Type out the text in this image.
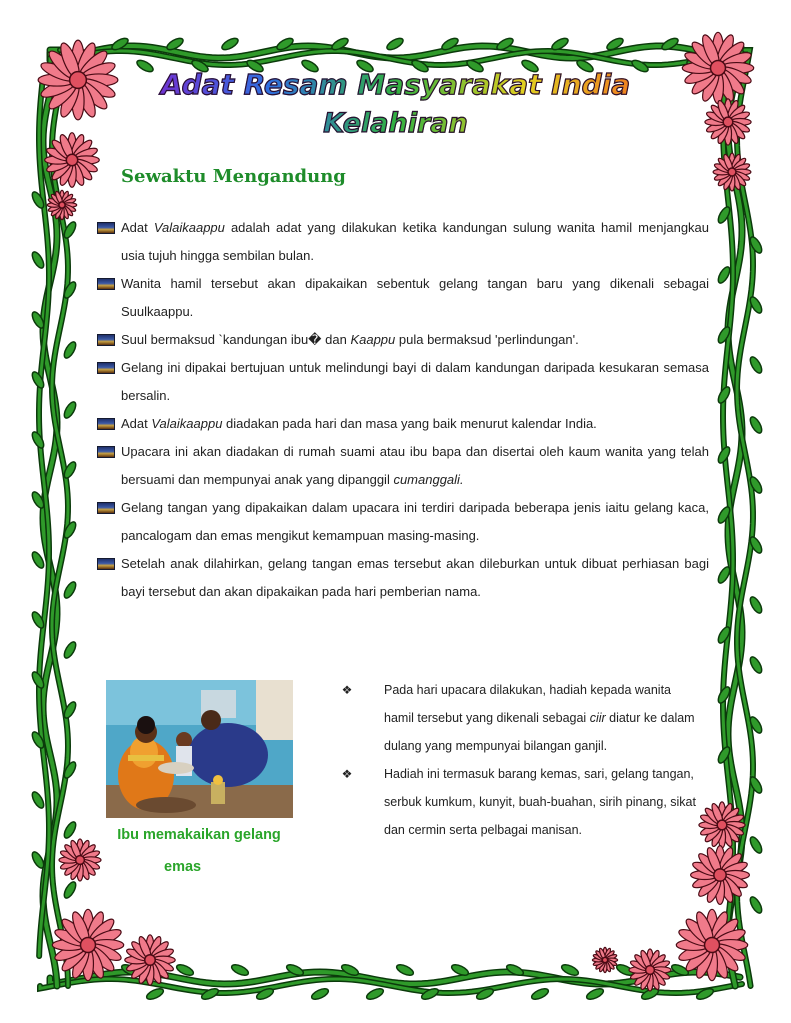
Adat Resam Masyarakat India
Kelahiran
Sewaktu Mengandung
Adat Valaikaappu adalah adat yang dilakukan ketika kandungan sulung wanita hamil menjangkau usia tujuh hingga sembilan bulan.
Wanita hamil tersebut akan dipakaikan sebentuk gelang tangan baru yang dikenali sebagai Suulkaappu.
Suul bermaksud `kandungan ibu� dan Kaappu pula bermaksud 'perlindungan'.
Gelang ini dipakai bertujuan untuk melindungi bayi di dalam kandungan daripada kesukaran semasa bersalin.
Adat Valaikaappu diadakan pada hari dan masa yang baik menurut kalendar India.
Upacara ini akan diadakan di rumah suami atau ibu bapa dan disertai oleh kaum wanita yang telah bersuami dan mempunyai anak yang dipanggil cumanggali.
Gelang tangan yang dipakaikan dalam upacara ini terdiri daripada beberapa jenis iaitu gelang kaca, pancalogam dan emas mengikut kemampuan masing-masing.
Setelah anak dilahirkan, gelang tangan emas tersebut akan dileburkan untuk dibuat perhiasan bagi bayi tersebut dan akan dipakaikan pada hari pemberian nama.
Ibu memakaikan gelang
emas
❖	Pada hari upacara dilakukan, hadiah kepada wanita hamil tersebut yang dikenali sebagai ciir diatur ke dalam dulang yang mempunyai bilangan ganjil.
❖	Hadiah ini termasuk barang kemas, sari, gelang tangan, serbuk kumkum, kunyit, buah-buahan, sirih pinang, sikat dan cermin serta pelbagai manisan.
